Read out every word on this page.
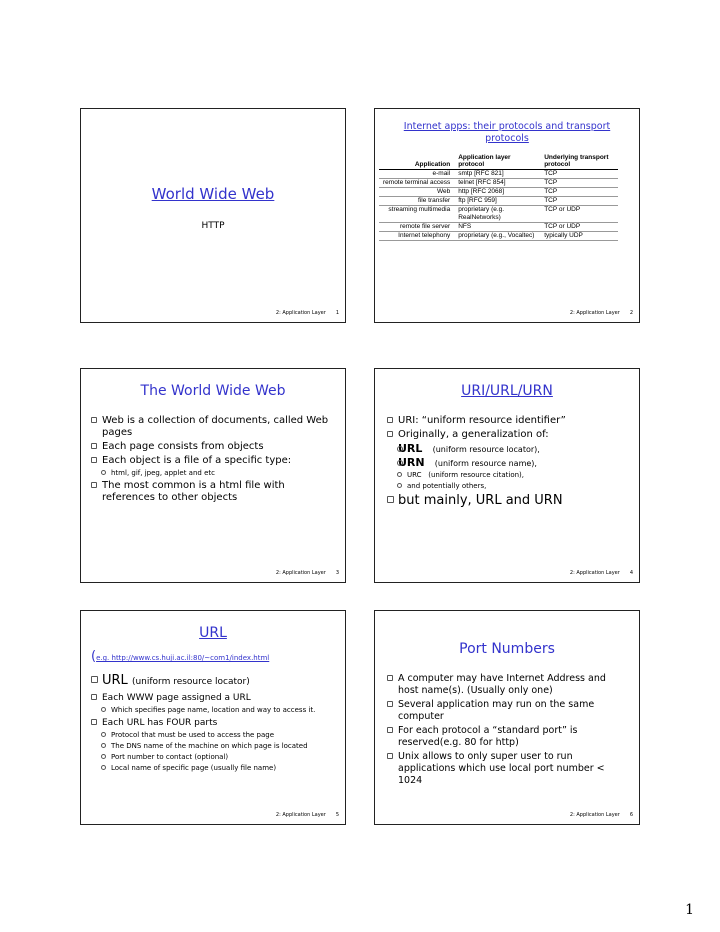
World Wide Web
HTTP
2: Application Layer 1
Internet apps: their protocols and transport
protocols
Application	Application layer protocol	Underlying transport protocol
e-mail	smtp [RFC 821]	TCP
remote terminal access	telnet [RFC 854]	TCP
Web	http [RFC 2068]	TCP
file transfer	ftp [RFC 959]	TCP
streaming multimedia	proprietary (e.g. RealNetworks)	TCP or UDP
remote file server	NFS	TCP or UDP
Internet telephony	proprietary (e.g., Vocaltec)	typically UDP
2: Application Layer 2
The World Wide Web
Web is a collection of documents, called Web pages
Each page consists from objects
Each object is a file of a specific type:
html, gif, jpeg, applet and etc
The most common is a html file with references to other objects
2: Application Layer 3
URI/URL/URN
URI: “uniform resource identifier”
Originally, a generalization of:
URL (uniform resource locator),
URN (uniform resource name),
URC (uniform resource citation),
and potentially others,
but mainly, URL and URN
2: Application Layer 4
URL
(e.g. http://www.cs.huji.ac.il:80/~com1/index.html
URL (uniform resource locator)
Each WWW page assigned a URL
Which specifies page name, location and way to access it.
Each URL has FOUR parts
Protocol that must be used to access the page
The DNS name of the machine on which page is located
Port number to contact (optional)
Local name of specific page (usually file name)
2: Application Layer 5
Port Numbers
A computer may have Internet Address and host name(s). (Usually only one)
Several application may run on the same computer
For each protocol a “standard port” is reserved(e.g. 80 for http)
Unix allows to only super user to run applications which use local port number < 1024
2: Application Layer 6
1
